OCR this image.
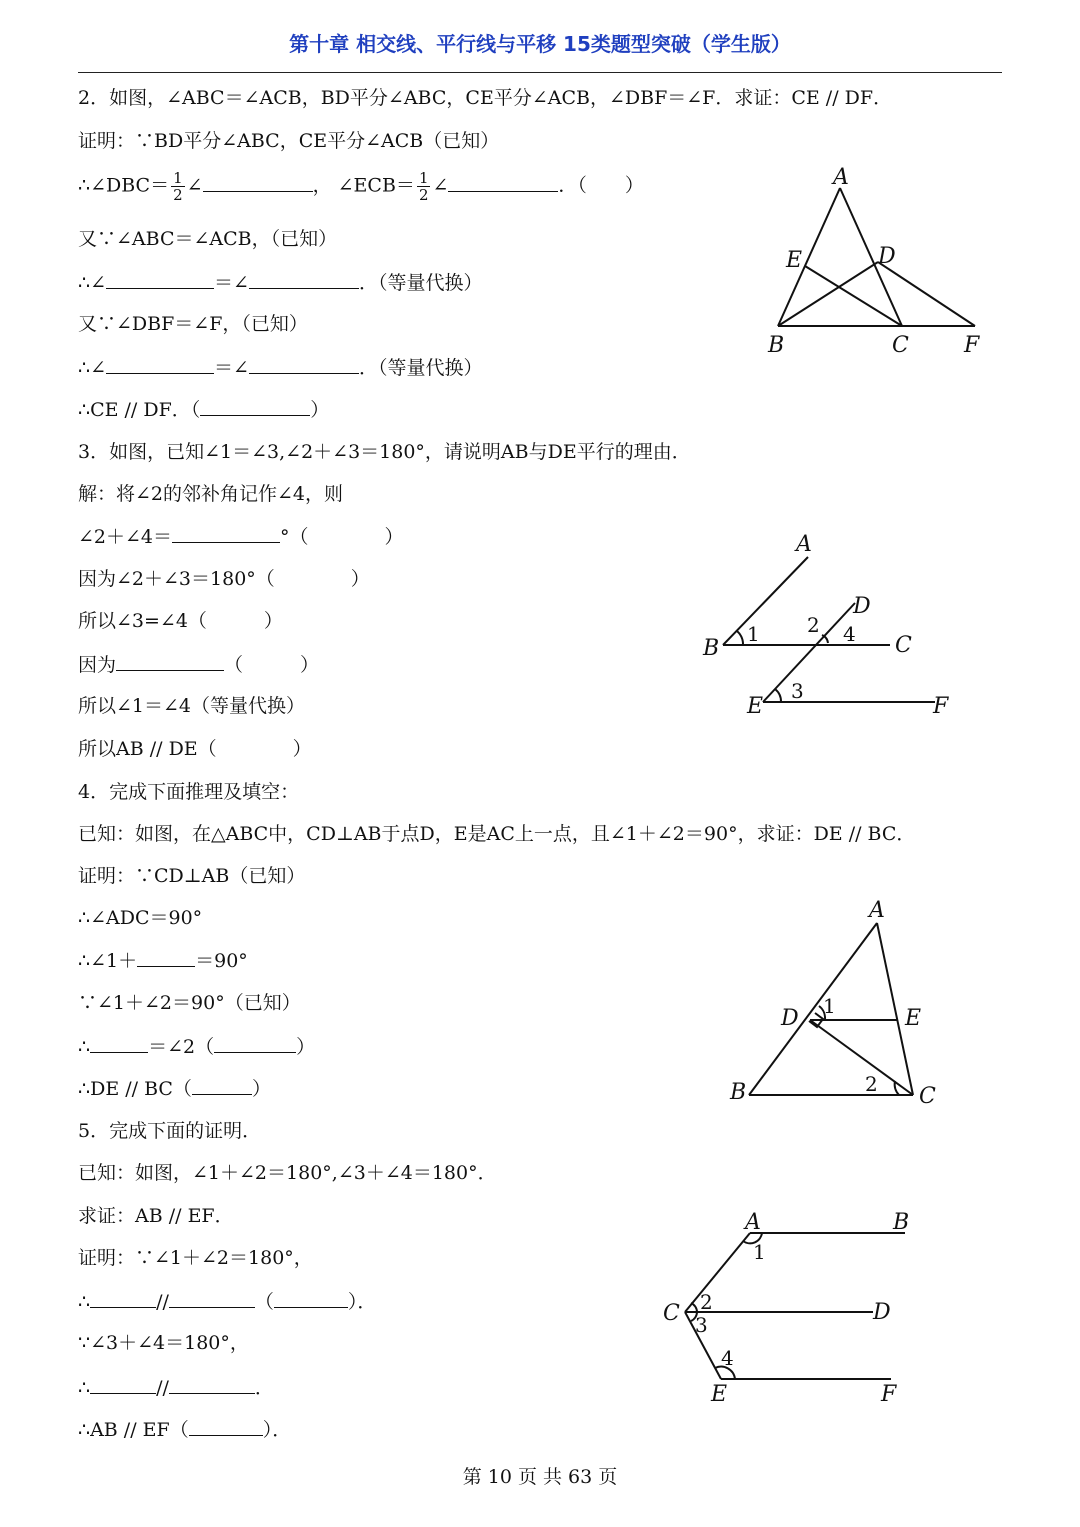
第十章 相交线、平行线与平移 15类题型突破（学生版）
2．如图，∠ABC＝∠ACB，BD平分∠ABC，CE平分∠ACB，∠DBF＝∠F．求证：CE // DF．
证明：∵BD平分∠ABC，CE平分∠ACB（已知）
∴∠DBC＝ $\frac{1}{2}$ ∠	， ∠ECB＝ $\frac{1}{2}$ ∠	．（　　）
又∵∠ABC＝∠ACB，（已知）
∴∠	＝∠	．（等量代换）
又∵∠DBF＝∠F，（已知）
∴∠	＝∠	．（等量代换）
∴CE // DF．（	）
A
E	D
B	C	F
3．如图，已知∠1＝∠3,∠2＋∠3＝180°，请说明AB与DE平行的理由．
解：将∠2的邻补角记作∠4，则
∠2＋∠4＝	°（　　　　）
因为∠2＋∠3＝180°（　　　　）
所以∠3=∠4（　　　）
因为	（　　　）
所以∠1＝∠4（等量代换）
所以AB // DE（　　　　）
A
D
B
1 2 4 C
E
3
F
4．完成下面推理及填空：
已知：如图，在△ABC中，CD⊥AB于点D，E是AC上一点，且∠1＋∠2＝90°，求证：DE // BC．
证明：∵CD⊥AB（已知）
∴∠ADC＝90°
∴∠1＋	＝90°
∵∠1＋∠2＝90°（已知）
∴	＝∠2（	）
∴DE // BC（	）
A
D 1	E
B	2 C
5．完成下面的证明．
已知：如图，∠1＋∠2＝180°,∠3＋∠4＝180°．
求证：AB // EF．
证明：∵∠1＋∠2＝180°，
∴	//	（	）．
∵∠3＋∠4＝180°，
∴	//	．
∴AB // EF（	）．
A	B
1
C 2
3	D
4
E	F
第 10 页 共 63 页
